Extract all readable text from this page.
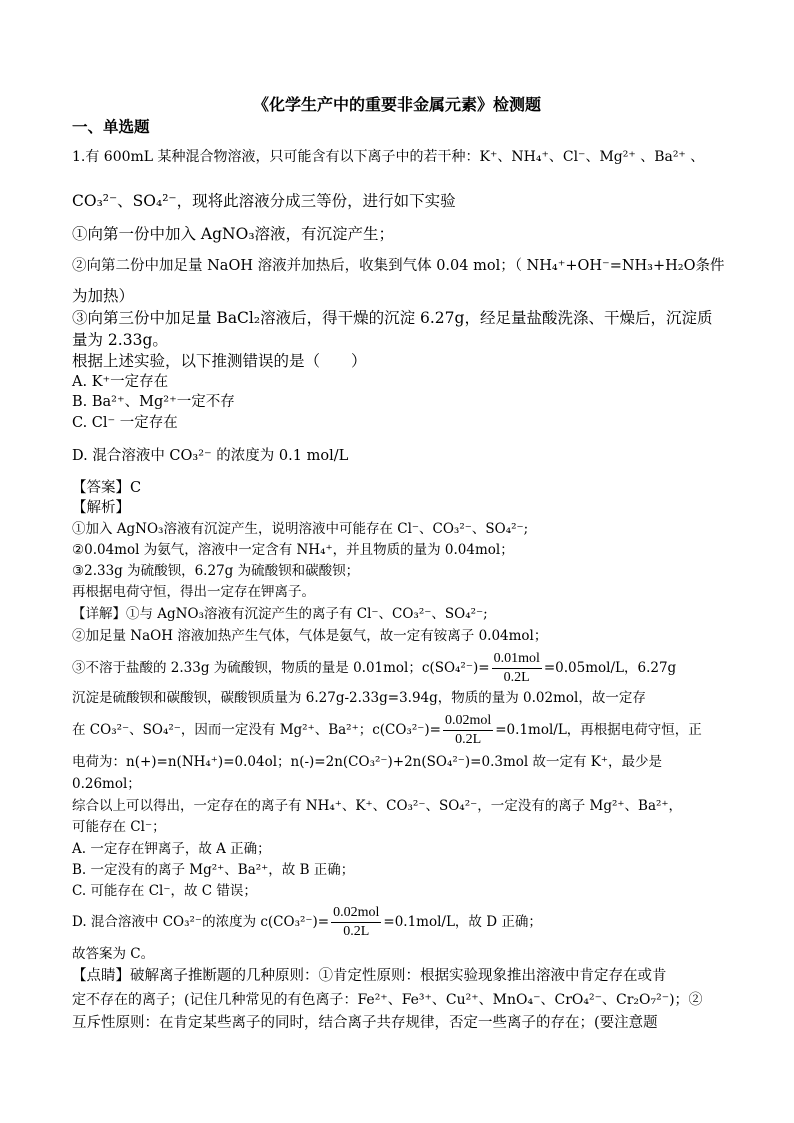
《化学生产中的重要非金属元素》检测题
一、单选题
1.有 600mL 某种混合物溶液，只可能含有以下离子中的若干种：K⁺、NH₄⁺、Cl⁻、Mg²⁺ 、Ba²⁺ 、
CO₃²⁻、SO₄²⁻，现将此溶液分成三等份，进行如下实验
①向第一份中加入 AgNO₃溶液，有沉淀产生；
②向第二份中加足量 NaOH 溶液并加热后，收集到气体 0.04 mol；（ NH₄⁺+OH⁻=NH₃+H₂O条件
为加热）
③向第三份中加足量 BaCl₂溶液后，得干燥的沉淀 6.27g，经足量盐酸洗涤、干燥后，沉淀质
量为 2.33g。
根据上述实验，以下推测错误的是（　　）
A. K⁺一定存在
B. Ba²⁺、Mg²⁺一定不存
C. Cl⁻ 一定存在
D. 混合溶液中 CO₃²⁻ 的浓度为 0.1 mol/L
【答案】C
【解析】
①加入 AgNO₃溶液有沉淀产生，说明溶液中可能存在 Cl⁻、CO₃²⁻、SO₄²⁻;
②0.04mol 为氨气，溶液中一定含有 NH₄⁺，并且物质的量为 0.04mol；
③2.33g 为硫酸钡，6.27g 为硫酸钡和碳酸钡；
再根据电荷守恒，得出一定存在钾离子。
【详解】①与 AgNO₃溶液有沉淀产生的离子有 Cl⁻、CO₃²⁻、SO₄²⁻;
②加足量 NaOH 溶液加热产生气体，气体是氨气，故一定有铵离子 0.04mol；
③不溶于盐酸的 2.33g 为硫酸钡，物质的量是 0.01mol；$c(SO_4^{2-})= \frac{\text{0.01mol}}{0.2L} =0.05mol/L$，6.27g
沉淀是硫酸钡和碳酸钡，碳酸钡质量为 6.27g-2.33g=3.94g，物质的量为 0.02mol，故一定存
在 CO₃²⁻、SO₄²⁻，因而一定没有 Mg²⁺、Ba²⁺；$c(CO_3^{2-})= \frac{\text{0.02mol}}{0.2L} =0.1mol/L$，再根据电荷守恒，正
电荷为：n(+)=n(NH₄⁺)=0.04ol；n(-)=2n(CO₃²⁻)+2n(SO₄²⁻)=0.3mol 故一定有 K⁺，最少是
0.26mol；
综合以上可以得出，一定存在的离子有 NH₄⁺、K⁺、CO₃²⁻、SO₄²⁻，一定没有的离子 Mg²⁺、Ba²⁺，
可能存在 Cl⁻；
A. 一定存在钾离子，故 A 正确；
B. 一定没有的离子 Mg²⁺、Ba²⁺，故 B 正确；
C. 可能存在 Cl⁻，故 C 错误；
D. 混合溶液中 CO₃²⁻的浓度为 $c(CO_3^{2-})= \frac{\text{0.02mol}}{0.2L} =0.1mol/L$，故 D 正确；
故答案为 C。
【点睛】破解离子推断题的几种原则：①肯定性原则：根据实验现象推出溶液中肯定存在或肯
定不存在的离子；(记住几种常见的有色离子：Fe²⁺、Fe³⁺、Cu²⁺、MnO₄⁻、CrO₄²⁻、Cr₂O₇²⁻)；②
互斥性原则：在肯定某些离子的同时，结合离子共存规律，否定一些离子的存在；(要注意题
